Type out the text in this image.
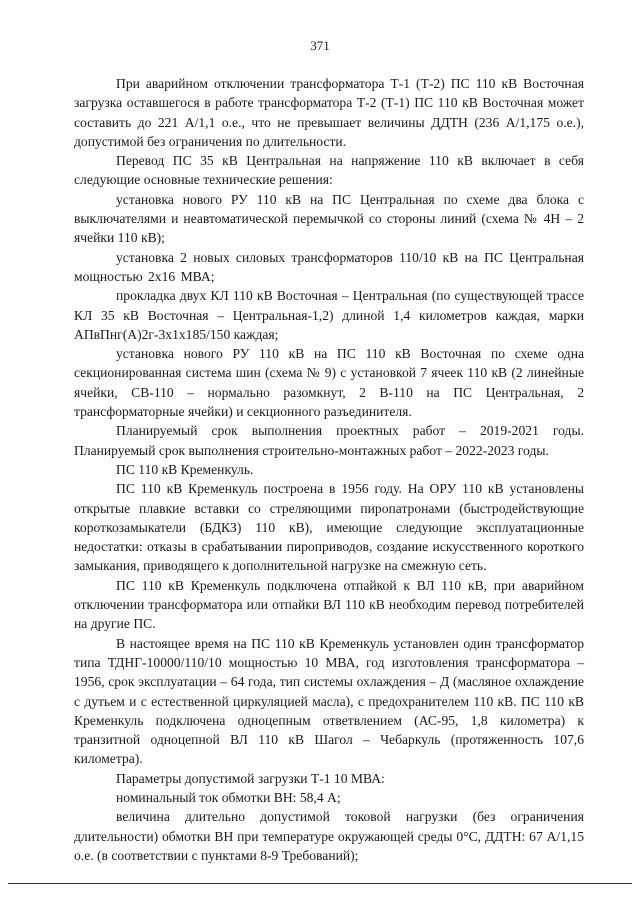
371

При аварийном отключении трансформатора Т-1 (Т-2) ПС 110 кВ Восточная загрузка оставшегося в работе трансформатора Т-2 (Т-1) ПС 110 кВ Восточная может составить до 221 А/1,1 о.е., что не превышает величины ДДТН (236 А/1,175 о.е.), допустимой без ограничения по длительности.

Перевод ПС 35 кВ Центральная на напряжение 110 кВ включает в себя следующие основные технические решения:

установка нового РУ 110 кВ на ПС Центральная по схеме два блока с выключателями и неавтоматической перемычкой со стороны линий (схема № 4Н – 2 ячейки 110 кВ);

установка 2 новых силовых трансформаторов 110/10 кВ на ПС Центральная мощностью 2х16 МВА;

прокладка двух КЛ 110 кВ Восточная – Центральная (по существующей трассе КЛ 35 кВ Восточная – Центральная-1,2) длиной 1,4 километров каждая, марки АПвПнг(А)2г-3х1х185/150 каждая;

установка нового РУ 110 кВ на ПС 110 кВ Восточная по схеме одна секционированная система шин (схема № 9) с установкой 7 ячеек 110 кВ (2 линейные ячейки, СВ-110 – нормально разомкнут, 2 В-110 на ПС Центральная, 2 трансформаторные ячейки) и секционного разъединителя.

Планируемый срок выполнения проектных работ – 2019-2021 годы. Планируемый срок выполнения строительно-монтажных работ – 2022-2023 годы.

ПС 110 кВ Кременкуль.

ПС 110 кВ Кременкуль построена в 1956 году. На ОРУ 110 кВ установлены открытые плавкие вставки со стреляющими пиропатронами (быстродействующие короткозамыкатели (БДКЗ) 110 кВ), имеющие следующие эксплуатационные недостатки: отказы в срабатывании пироприводов, создание искусственного короткого замыкания, приводящего к дополнительной нагрузке на смежную сеть.

ПС 110 кВ Кременкуль подключена отпайкой к ВЛ 110 кВ, при аварийном отключении трансформатора или отпайки ВЛ 110 кВ необходим перевод потребителей на другие ПС.

В настоящее время на ПС 110 кВ Кременкуль установлен один трансформатор типа ТДНГ-10000/110/10 мощностью 10 МВА, год изготовления трансформатора – 1956, срок эксплуатации – 64 года, тип системы охлаждения – Д (масляное охлаждение с дутьем и с естественной циркуляцией масла), с предохранителем 110 кВ. ПС 110 кВ Кременкуль подключена одноцепным ответвлением (АС-95, 1,8 километра) к транзитной одноцепной ВЛ 110 кВ Шагол – Чебаркуль (протяженность 107,6 километра).

Параметры допустимой загрузки Т-1 10 МВА:

номинальный ток обмотки ВН: 58,4 А;

величина длительно допустимой токовой нагрузки (без ограничения длительности) обмотки ВН при температуре окружающей среды 0°С, ДДТН: 67 А/1,15 о.е. (в соответствии с пунктами 8-9 Требований);
